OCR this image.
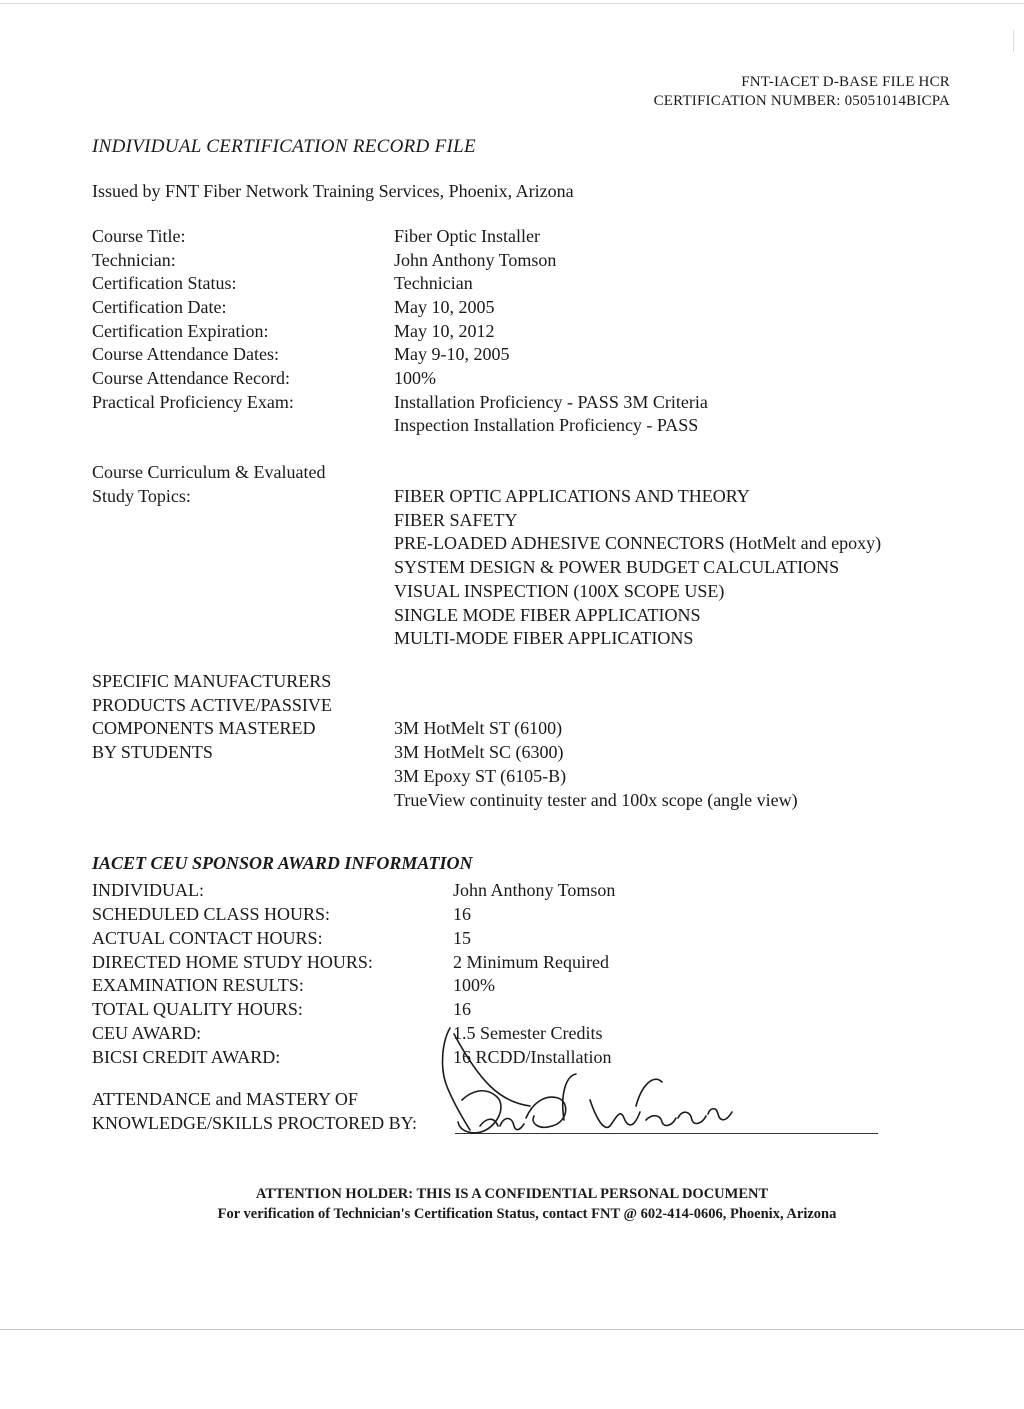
FNT-IACET D-BASE FILE HCR
CERTIFICATION NUMBER: 05051014BICPA
INDIVIDUAL CERTIFICATION RECORD FILE
Issued by FNT Fiber Network Training Services, Phoenix, Arizona
Course Title:	Fiber Optic Installer
Technician:	John Anthony Tomson
Certification Status:	Technician
Certification Date:	May 10, 2005
Certification Expiration:	May 10, 2012
Course Attendance Dates:	May 9-10, 2005
Course Attendance Record:	100%
Practical Proficiency Exam:	Installation Proficiency - PASS 3M Criteria
Inspection Installation Proficiency - PASS
Course Curriculum & Evaluated
Study Topics:	FIBER OPTIC APPLICATIONS AND THEORY
FIBER SAFETY
PRE-LOADED ADHESIVE CONNECTORS (HotMelt and epoxy)
SYSTEM DESIGN & POWER BUDGET CALCULATIONS
VISUAL INSPECTION (100X SCOPE USE)
SINGLE MODE FIBER APPLICATIONS
MULTI-MODE FIBER APPLICATIONS
SPECIFIC MANUFACTURERS
PRODUCTS ACTIVE/PASSIVE
COMPONENTS MASTERED	3M HotMelt ST (6100)
BY STUDENTS	3M HotMelt SC (6300)
3M Epoxy ST (6105-B)
TrueView continuity tester and 100x scope (angle view)
IACET CEU SPONSOR AWARD INFORMATION
INDIVIDUAL:	John Anthony Tomson
SCHEDULED CLASS HOURS:	16
ACTUAL CONTACT HOURS:	15
DIRECTED HOME STUDY HOURS:	2 Minimum Required
EXAMINATION RESULTS:	100%
TOTAL QUALITY HOURS:	16
CEU AWARD:	1.5 Semester Credits
BICSI CREDIT AWARD:	16 RCDD/Installation
ATTENDANCE and MASTERY OF
KNOWLEDGE/SKILLS PROCTORED BY:
ATTENTION HOLDER: THIS IS A CONFIDENTIAL PERSONAL DOCUMENT
For verification of Technician's Certification Status, contact FNT @ 602-414-0606, Phoenix, Arizona
